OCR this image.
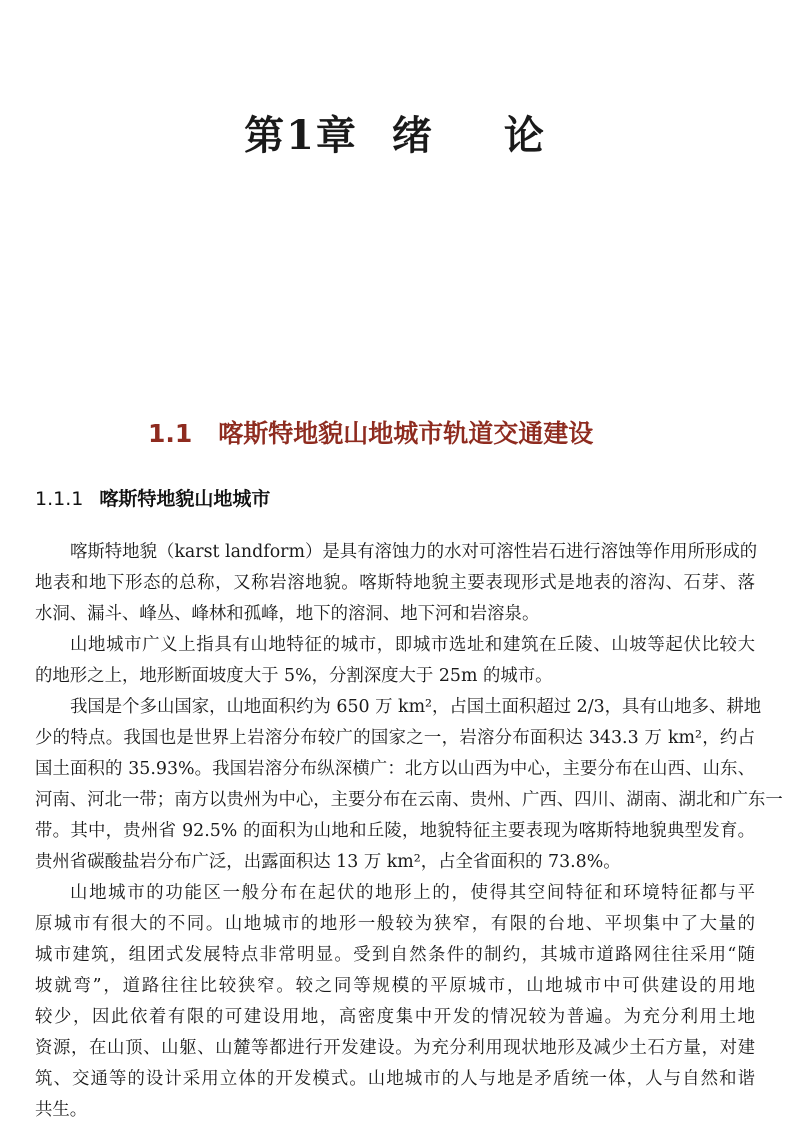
第1章 绪 论
1.1 喀斯特地貌山地城市轨道交通建设
1.1.1 喀斯特地貌山地城市
喀斯特地貌（karst landform）是具有溶蚀力的水对可溶性岩石进行溶蚀等作用所形成的
地表和地下形态的总称，又称岩溶地貌。喀斯特地貌主要表现形式是地表的溶沟、石芽、落
水洞、漏斗、峰丛、峰林和孤峰，地下的溶洞、地下河和岩溶泉。
山地城市广义上指具有山地特征的城市，即城市选址和建筑在丘陵、山坡等起伏比较大
的地形之上，地形断面坡度大于 5%，分割深度大于 25m 的城市。
我国是个多山国家，山地面积约为 650 万 km²，占国土面积超过 2/3，具有山地多、耕地
少的特点。我国也是世界上岩溶分布较广的国家之一，岩溶分布面积达 343.3 万 km²，约占
国土面积的 35.93%。我国岩溶分布纵深横广：北方以山西为中心，主要分布在山西、山东、
河南、河北一带；南方以贵州为中心，主要分布在云南、贵州、广西、四川、湖南、湖北和广东一
带。其中，贵州省 92.5% 的面积为山地和丘陵，地貌特征主要表现为喀斯特地貌典型发育。
贵州省碳酸盐岩分布广泛，出露面积达 13 万 km²，占全省面积的 73.8%。
山地城市的功能区一般分布在起伏的地形上的，使得其空间特征和环境特征都与平
原城市有很大的不同。山地城市的地形一般较为狭窄，有限的台地、平坝集中了大量的
城市建筑，组团式发展特点非常明显。受到自然条件的制约，其城市道路网往往采用“随
坡就弯”，道路往往比较狭窄。较之同等规模的平原城市，山地城市中可供建设的用地
较少，因此依着有限的可建设用地，高密度集中开发的情况较为普遍。为充分利用土地
资源，在山顶、山躯、山麓等都进行开发建设。为充分利用现状地形及减少土石方量，对建
筑、交通等的设计采用立体的开发模式。山地城市的人与地是矛盾统一体，人与自然和谐
共生。
